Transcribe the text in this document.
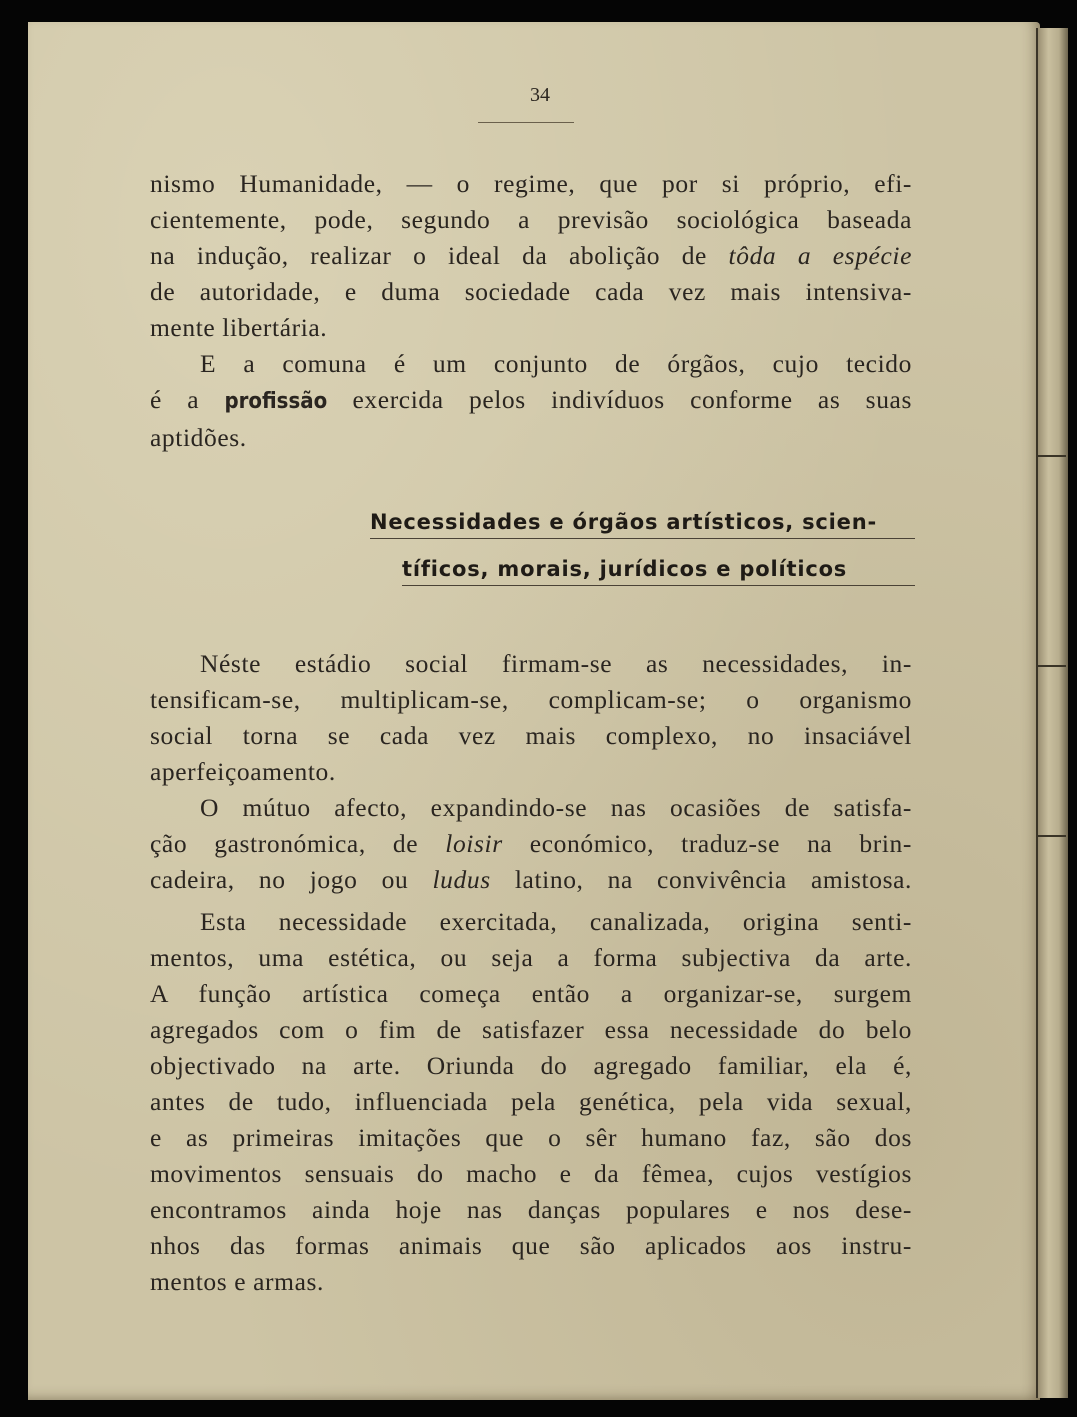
34

nismo Humanidade, — o regime, que por si próprio, efi-
cientemente, pode, segundo a previsão sociológica baseada
na indução, realizar o ideal da abolição de tôda a espécie
de autoridade, e duma sociedade cada vez mais intensiva-
mente libertária.

E a comuna é um conjunto de órgãos, cujo tecido
é a profissão exercida pelos indivíduos conforme as suas
aptidões.

Necessidades e órgãos artísticos, scien-
tíficos, morais, jurídicos e políticos

Néste estádio social firmam-se as necessidades, in-
tensificam-se, multiplicam-se, complicam-se; o organismo
social torna se cada vez mais complexo, no insaciável
aperfeiçoamento.

O mútuo afecto, expandindo-se nas ocasiões de satisfa-
ção gastronómica, de loisir económico, traduz-se na brin-
cadeira, no jogo ou ludus latino, na convivência amistosa.

Esta necessidade exercitada, canalizada, origina senti-
mentos, uma estética, ou seja a forma subjectiva da arte.
A função artística começa então a organizar-se, surgem
agregados com o fim de satisfazer essa necessidade do belo
objectivado na arte. Oriunda do agregado familiar, ela é,
antes de tudo, influenciada pela genética, pela vida sexual,
e as primeiras imitações que o sêr humano faz, são dos
movimentos sensuais do macho e da fêmea, cujos vestígios
encontramos ainda hoje nas danças populares e nos dese-
nhos das formas animais que são aplicados aos instru-
mentos e armas.
